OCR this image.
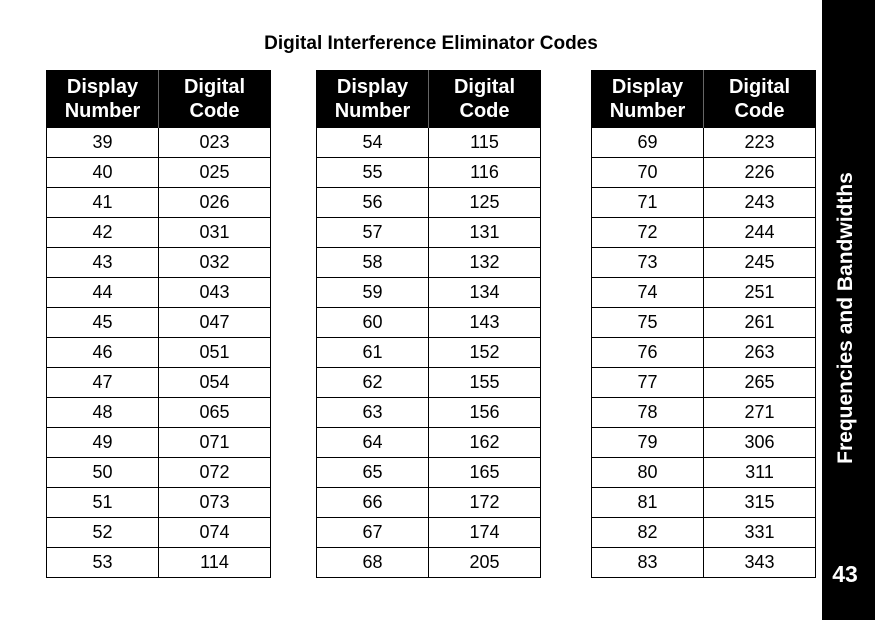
Digital Interference Eliminator Codes
Display
Number	Digital
Code
39	023
40	025
41	026
42	031
43	032
44	043
45	047
46	051
47	054
48	065
49	071
50	072
51	073
52	074
53	114
Display
Number	Digital
Code
54	115
55	116
56	125
57	131
58	132
59	134
60	143
61	152
62	155
63	156
64	162
65	165
66	172
67	174
68	205
Display
Number	Digital
Code
69	223
70	226
71	243
72	244
73	245
74	251
75	261
76	263
77	265
78	271
79	306
80	311
81	315
82	331
83	343
Frequencies and Bandwidths
43
